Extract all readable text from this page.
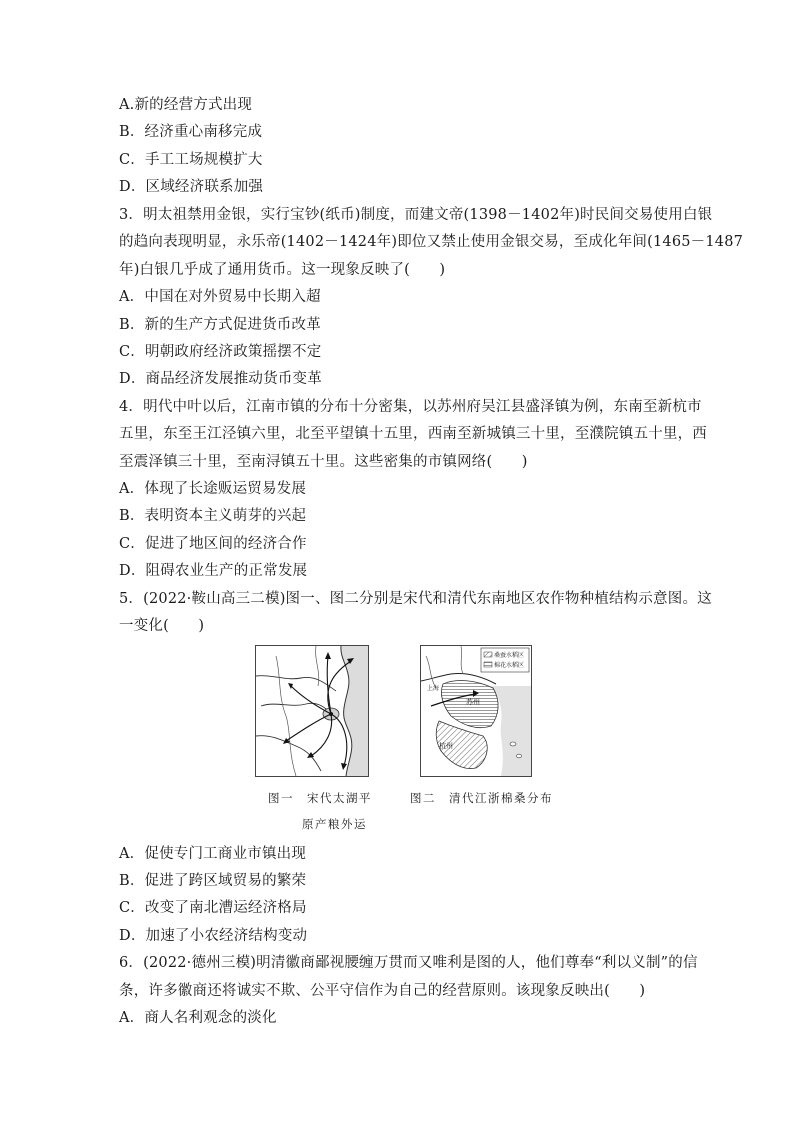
A.新的经营方式出现
B．经济重心南移完成
C．手工工场规模扩大
D．区域经济联系加强
3．明太祖禁用金银，实行宝钞(纸币)制度，而建文帝(1398－1402年)时民间交易使用白银
的趋向表现明显，永乐帝(1402－1424年)即位又禁止使用金银交易，至成化年间(1465－1487
年)白银几乎成了通用货币。这一现象反映了(　　)
A．中国在对外贸易中长期入超
B．新的生产方式促进货币改革
C．明朝政府经济政策摇摆不定
D．商品经济发展推动货币变革
4．明代中叶以后，江南市镇的分布十分密集，以苏州府吴江县盛泽镇为例，东南至新杭市
五里，东至王江泾镇六里，北至平望镇十五里，西南至新城镇三十里，至濮院镇五十里，西
至震泽镇三十里，至南浔镇五十里。这些密集的市镇网络(　　)
A．体现了长途贩运贸易发展
B．表明资本主义萌芽的兴起
C．促进了地区间的经济合作
D．阻碍农业生产的正常发展
5．(2022·鞍山高三二模)图一、图二分别是宋代和清代东南地区农作物种植结构示意图。这
一变化(　　)
桑蚕水稻区
棉花水稻区
苏州
杭州
上海
图一　宋代太湖平
原产粮外运
图二　清代江浙棉桑分布
A．促使专门工商业市镇出现
B．促进了跨区域贸易的繁荣
C．改变了南北漕运经济格局
D．加速了小农经济结构变动
6．(2022·德州三模)明清徽商鄙视腰缠万贯而又唯利是图的人，他们尊奉“利以义制”的信
条，许多徽商还将诚实不欺、公平守信作为自己的经营原则。该现象反映出(　　)
A．商人名利观念的淡化
